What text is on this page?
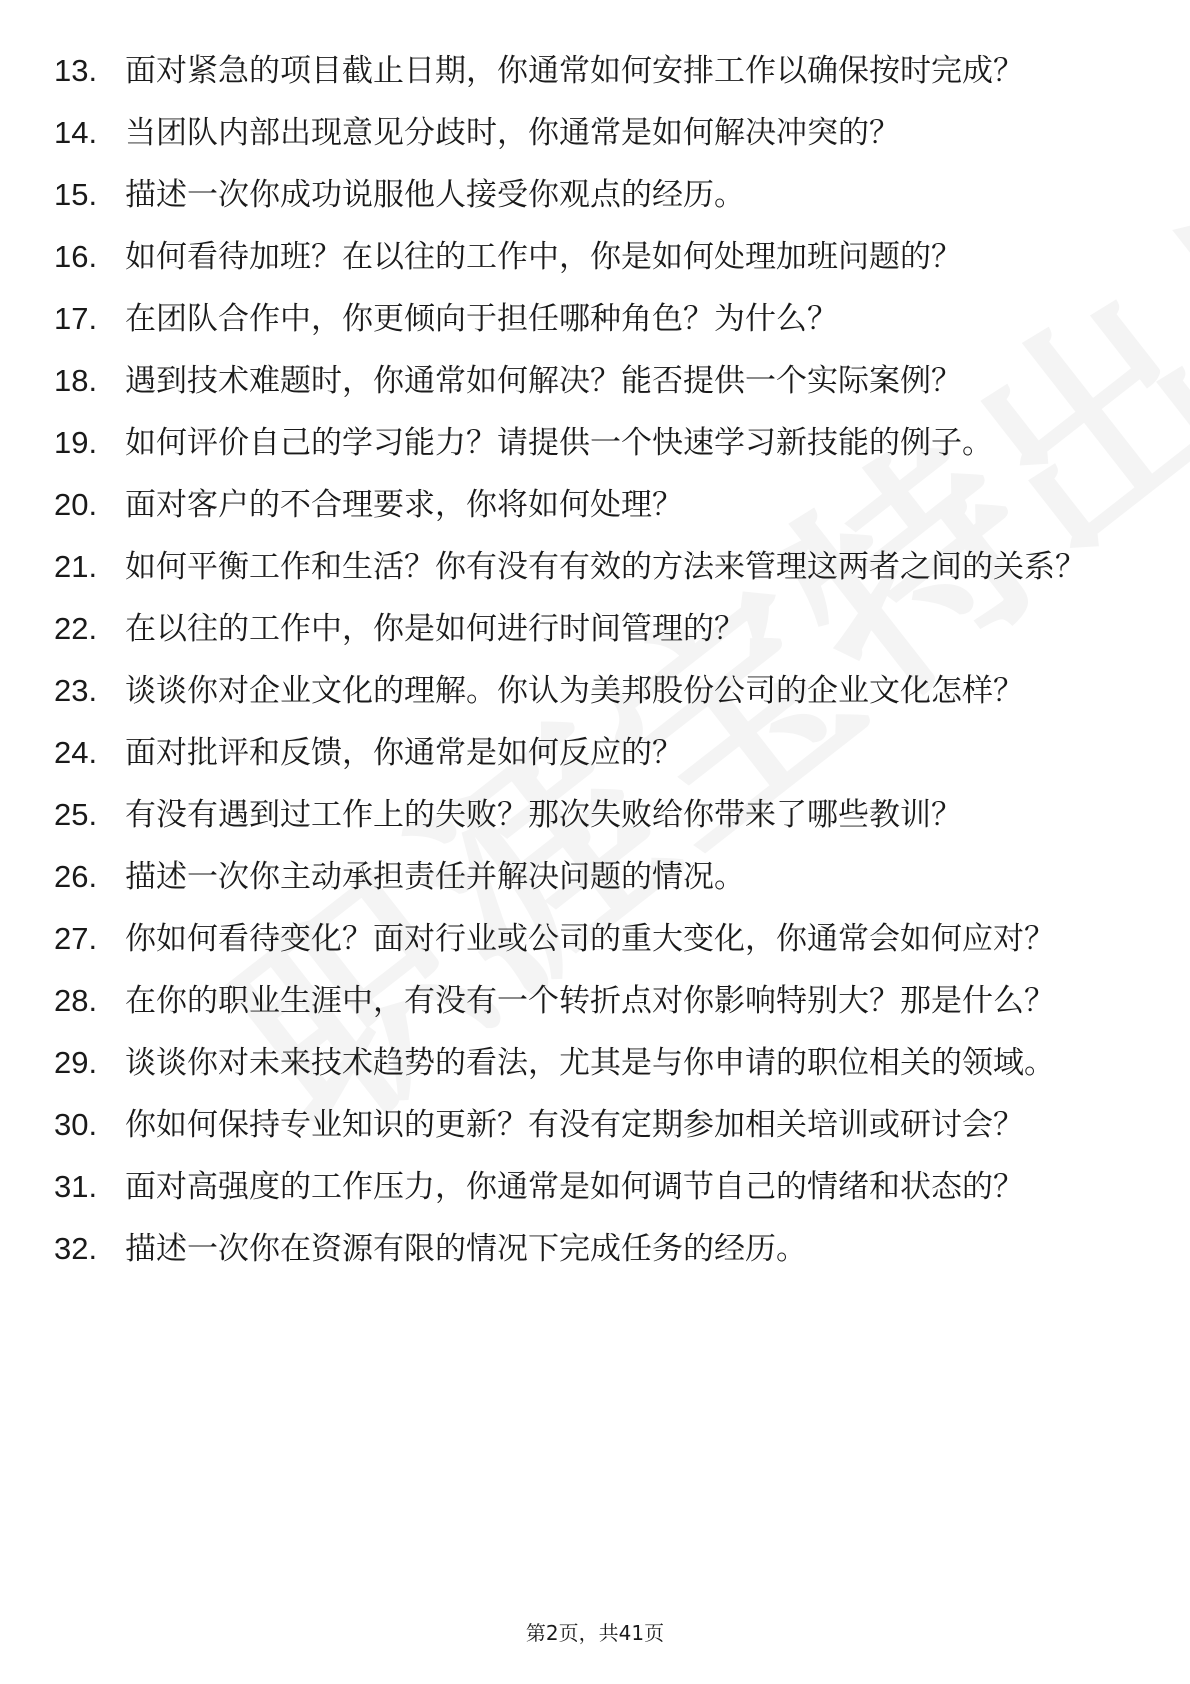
13. 面对紧急的项目截止日期，你通常如何安排工作以确保按时完成？
14. 当团队内部出现意见分歧时，你通常是如何解决冲突的？
15. 描述一次你成功说服他人接受你观点的经历。
16. 如何看待加班？在以往的工作中，你是如何处理加班问题的？
17. 在团队合作中，你更倾向于担任哪种角色？为什么？
18. 遇到技术难题时，你通常如何解决？能否提供一个实际案例？
19. 如何评价自己的学习能力？请提供一个快速学习新技能的例子。
20. 面对客户的不合理要求，你将如何处理？
21. 如何平衡工作和生活？你有没有有效的方法来管理这两者之间的关系？
22. 在以往的工作中，你是如何进行时间管理的？
23. 谈谈你对企业文化的理解。你认为美邦股份公司的企业文化怎样？
24. 面对批评和反馈，你通常是如何反应的？
25. 有没有遇到过工作上的失败？那次失败给你带来了哪些教训？
26. 描述一次你主动承担责任并解决问题的情况。
27. 你如何看待变化？面对行业或公司的重大变化，你通常会如何应对？
28. 在你的职业生涯中，有没有一个转折点对你影响特别大？那是什么？
29. 谈谈你对未来技术趋势的看法，尤其是与你申请的职位相关的领域。
30. 你如何保持专业知识的更新？有没有定期参加相关培训或研讨会？
31. 面对高强度的工作压力，你通常是如何调节自己的情绪和状态的？
32. 描述一次你在资源有限的情况下完成任务的经历。
第2页，共41页
